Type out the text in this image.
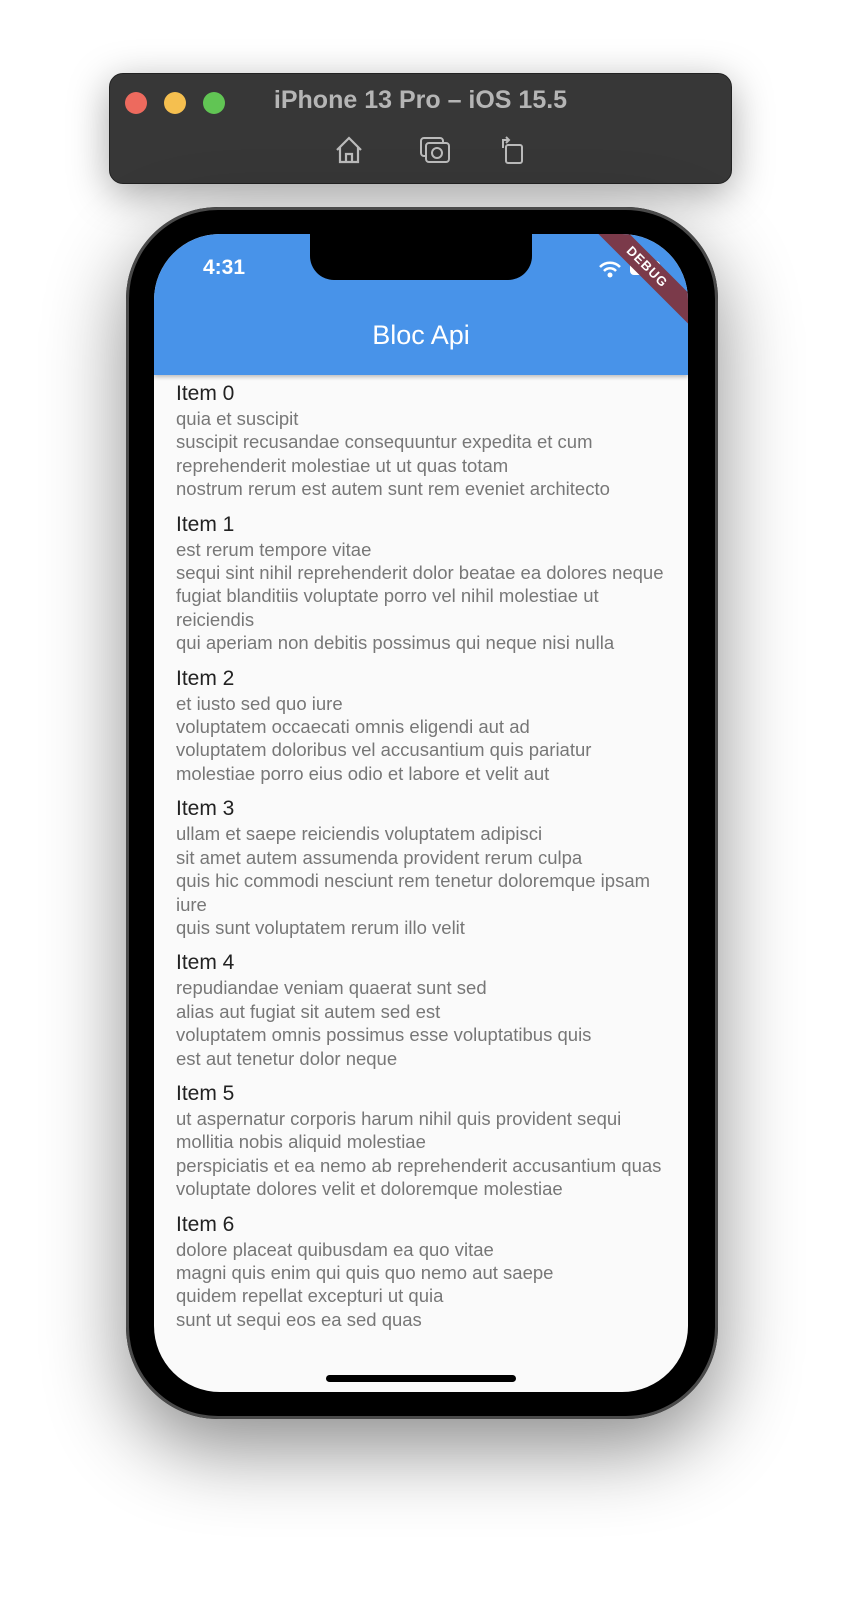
iPhone 13 Pro – iOS 15.5
4:31
Bloc Api
DEBUG
Item 0
quia et suscipit
suscipit recusandae consequuntur expedita et cum
reprehenderit molestiae ut ut quas totam
nostrum rerum est autem sunt rem eveniet architecto
Item 1
est rerum tempore vitae
sequi sint nihil reprehenderit dolor beatae ea dolores neque
fugiat blanditiis voluptate porro vel nihil molestiae ut reiciendis
qui aperiam non debitis possimus qui neque nisi nulla
Item 2
et iusto sed quo iure
voluptatem occaecati omnis eligendi aut ad
voluptatem doloribus vel accusantium quis pariatur
molestiae porro eius odio et labore et velit aut
Item 3
ullam et saepe reiciendis voluptatem adipisci
sit amet autem assumenda provident rerum culpa
quis hic commodi nesciunt rem tenetur doloremque ipsam iure
quis sunt voluptatem rerum illo velit
Item 4
repudiandae veniam quaerat sunt sed
alias aut fugiat sit autem sed est
voluptatem omnis possimus esse voluptatibus quis
est aut tenetur dolor neque
Item 5
ut aspernatur corporis harum nihil quis provident sequi
mollitia nobis aliquid molestiae
perspiciatis et ea nemo ab reprehenderit accusantium quas
voluptate dolores velit et doloremque molestiae
Item 6
dolore placeat quibusdam ea quo vitae
magni quis enim qui quis quo nemo aut saepe
quidem repellat excepturi ut quia
sunt ut sequi eos ea sed quas
